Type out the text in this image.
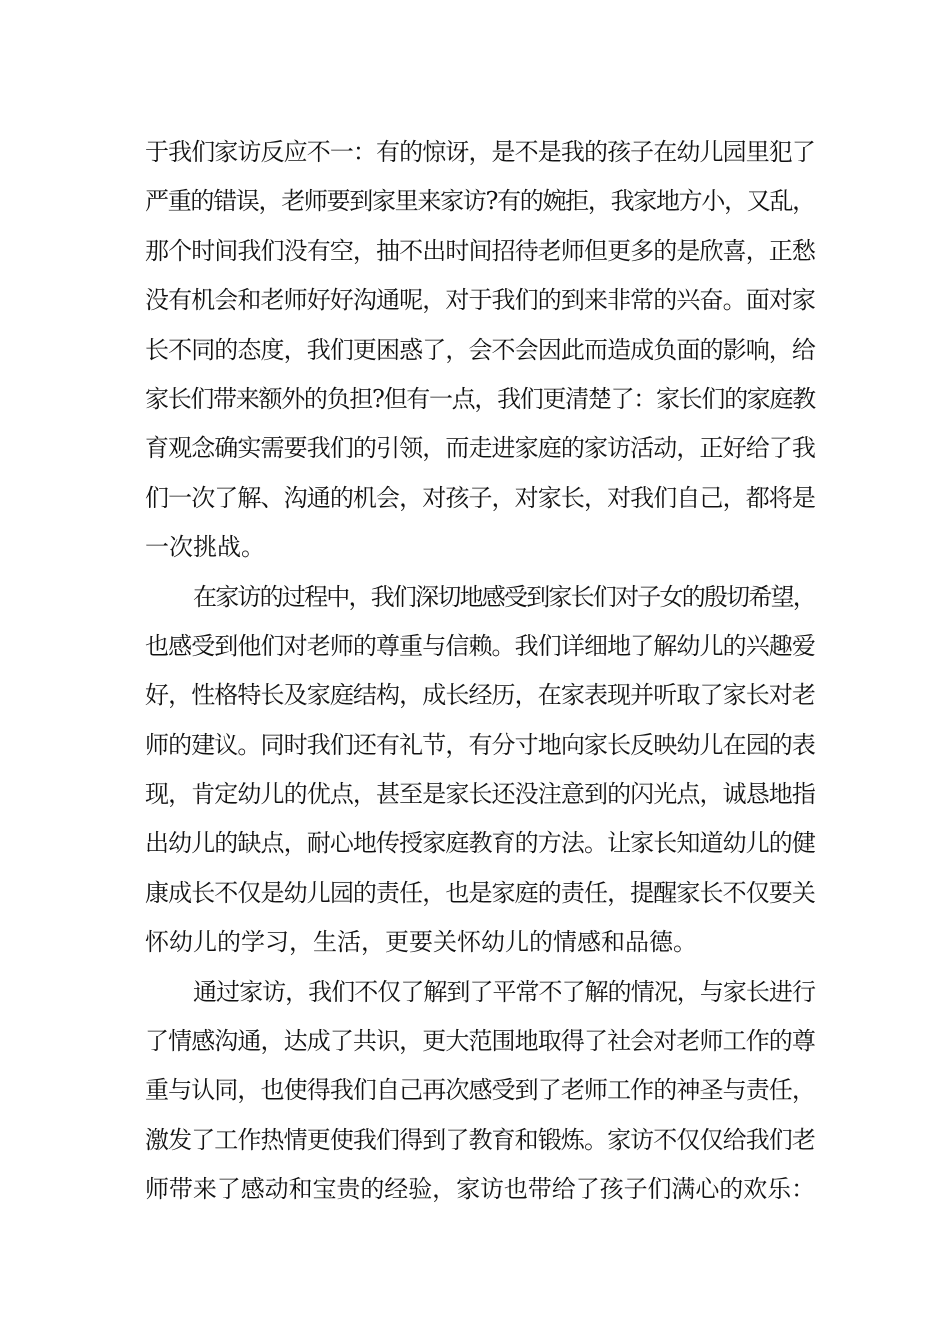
于我们家访反应不一：有的惊讶，是不是我的孩子在幼儿园里犯了
严重的错误，老师要到家里来家访?有的婉拒，我家地方小，又乱，
那个时间我们没有空，抽不出时间招待老师但更多的是欣喜，正愁
没有机会和老师好好沟通呢，对于我们的到来非常的兴奋。面对家
长不同的态度，我们更困惑了，会不会因此而造成负面的影响，给
家长们带来额外的负担?但有一点，我们更清楚了：家长们的家庭教
育观念确实需要我们的引领，而走进家庭的家访活动，正好给了我
们一次了解、沟通的机会，对孩子，对家长，对我们自己，都将是
一次挑战。
在家访的过程中，我们深切地感受到家长们对子女的殷切希望，
也感受到他们对老师的尊重与信赖。我们详细地了解幼儿的兴趣爱
好，性格特长及家庭结构，成长经历，在家表现并听取了家长对老
师的建议。同时我们还有礼节，有分寸地向家长反映幼儿在园的表
现，肯定幼儿的优点，甚至是家长还没注意到的闪光点，诚恳地指
出幼儿的缺点，耐心地传授家庭教育的方法。让家长知道幼儿的健
康成长不仅是幼儿园的责任，也是家庭的责任，提醒家长不仅要关
怀幼儿的学习，生活，更要关怀幼儿的情感和品德。
通过家访，我们不仅了解到了平常不了解的情况，与家长进行
了情感沟通，达成了共识，更大范围地取得了社会对老师工作的尊
重与认同，也使得我们自己再次感受到了老师工作的神圣与责任，
激发了工作热情更使我们得到了教育和锻炼。家访不仅仅给我们老
师带来了感动和宝贵的经验，家访也带给了孩子们满心的欢乐：
